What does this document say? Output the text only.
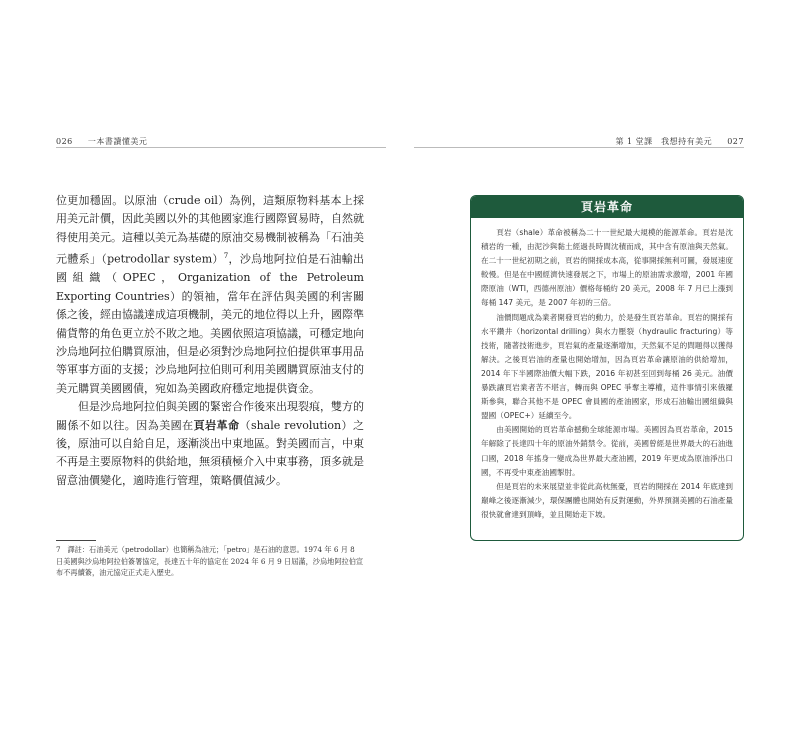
026 一本書讀懂美元

位更加穩固。以原油（crude oil）為例，這類原物料基本上採用美元計價，因此美國以外的其他國家進行國際貿易時，自然就得使用美元。這種以美元為基礎的原油交易機制被稱為「石油美元體系」（petrodollar system）$^7$，沙烏地阿拉伯是石油輸出國組織（OPEC，Organization of the Petroleum Exporting Countries）的領袖，當年在評估與美國的利害關係之後，經由協議達成這項機制，美元的地位得以上升，國際準備貨幣的角色更立於不敗之地。美國依照這項協議，可穩定地向沙烏地阿拉伯購買原油，但是必須對沙烏地阿拉伯提供軍事用品等軍事方面的支援；沙烏地阿拉伯則可利用美國購買原油支付的美元購買美國國債，宛如為美國政府穩定地提供資金。

但是沙烏地阿拉伯與美國的緊密合作後來出現裂痕，雙方的關係不如以往。因為美國在頁岩革命（shale revolution）之後，原油可以自給自足，逐漸淡出中東地區。對美國而言，中東不再是主要原物料的供給地，無須積極介入中東事務，頂多就是留意油價變化，適時進行管理，策略價值減少。

7 譯註：石油美元（petrodollar）也簡稱為油元；「petro」是石油的意思。1974 年 6 月 8 日美國與沙烏地阿拉伯簽署協定，長達五十年的協定在 2024 年 6 月 9 日屆滿，沙烏地阿拉伯宣布不再續簽，油元協定正式走入歷史。
第 1 堂課　我想持有美元 027
頁岩革命

頁岩（shale）革命被稱為二十一世紀最大規模的能源革命。頁岩是沈積岩的一種，由泥沙與黏土經過長時間沈積而成，其中含有原油與天然氣。在二十一世紀初期之前，頁岩的開採成本高，從事開採無利可圖，發展速度較慢。但是在中國經濟快速發展之下，市場上的原油需求激增，2001 年國際原油（WTI，西德州原油）價格每桶約 20 美元，2008 年 7 月已上漲到每桶 147 美元，是 2007 年初的三倍。

油價問題成為業者開發頁岩的動力，於是發生頁岩革命。頁岩的開採有水平鑽井（horizontal drilling）與水力壓裂（hydraulic fracturing）等技術，隨著技術進步，頁岩氣的產量逐漸增加，天然氣不足的問題得以獲得解決。之後頁岩油的產量也開始增加，因為頁岩革命讓原油的供給增加，2014 年下半國際油價大幅下跌，2016 年初甚至回到每桶 26 美元。油價暴跌讓頁岩業者苦不堪言，轉而與 OPEC 爭奪主導權，這件事情引來俄羅斯參與，聯合其他不是 OPEC 會員國的產油國家，形成石油輸出國組織與盟國（OPEC+）延續至今。

由美國開始的頁岩革命撼動全球能源市場。美國因為頁岩革命，2015 年解除了長達四十年的原油外銷禁令。從前，美國曾經是世界最大的石油進口國，2018 年搖身一變成為世界最大產油國，2019 年更成為原油淨出口國，不再受中東產油國掣肘。

但是頁岩的未來展望並非從此高枕無憂，頁岩的開採在 2014 年底達到巔峰之後逐漸減少，環保團體也開始有反對運動，外界預測美國的石油產量很快就會達到頂峰，並且開始走下坡。
